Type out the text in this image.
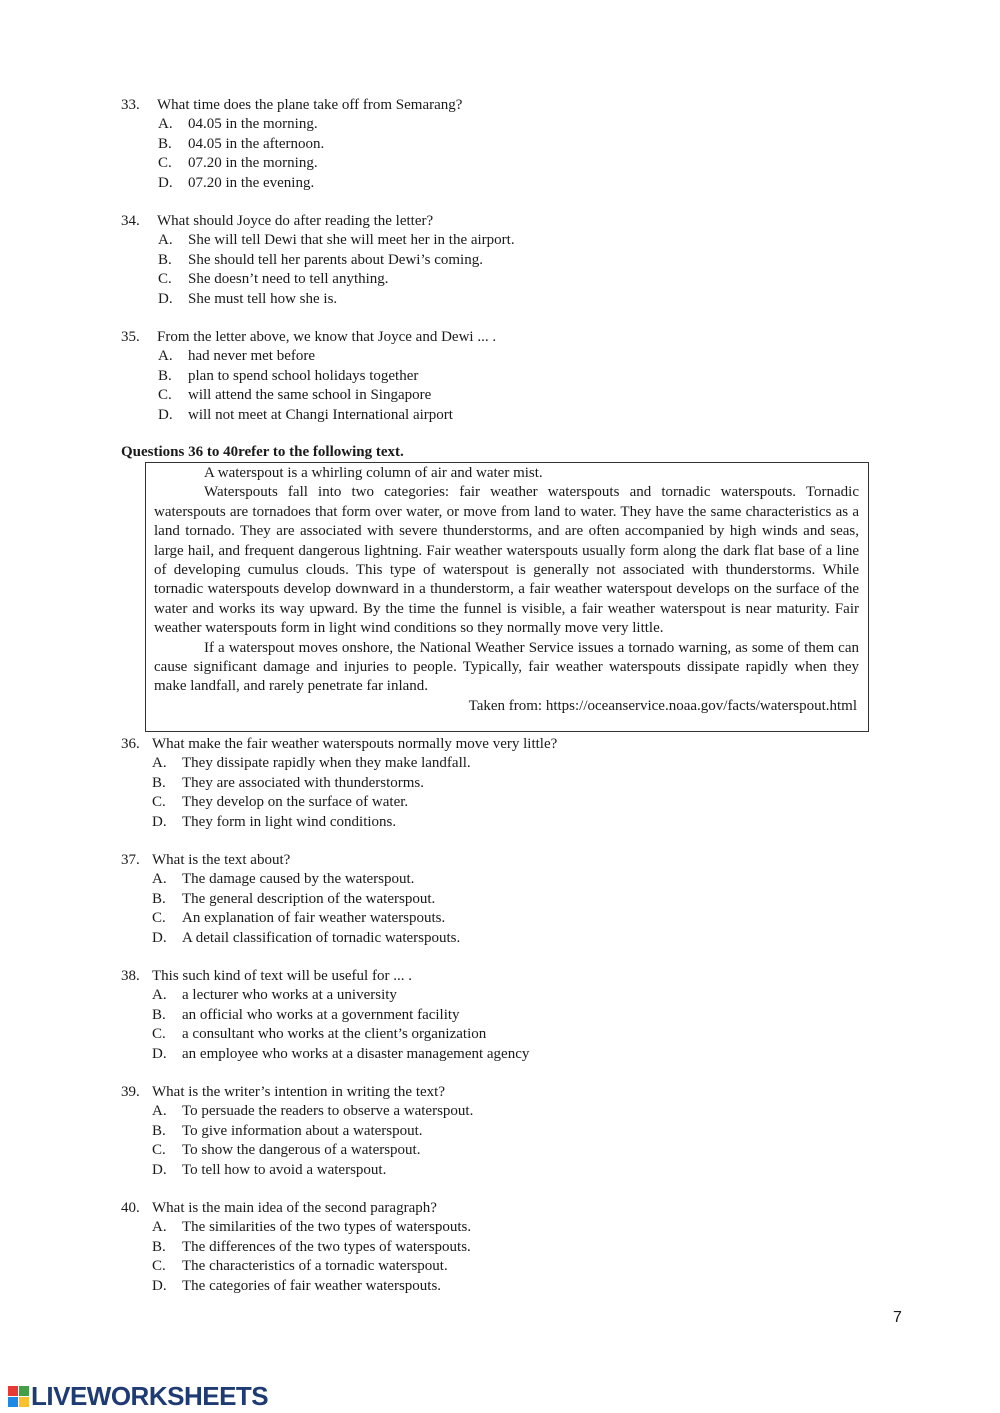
33. What time does the plane take off from Semarang?
A. 04.05 in the morning.
B. 04.05 in the afternoon.
C. 07.20 in the morning.
D. 07.20 in the evening.
34. What should Joyce do after reading the letter?
A. She will tell Dewi that she will meet her in the airport.
B. She should tell her parents about Dewi’s coming.
C. She doesn’t need to tell anything.
D. She must tell how she is.
35. From the letter above, we know that Joyce and Dewi ... .
A. had never met before
B. plan to spend school holidays together
C. will attend the same school in Singapore
D. will not meet at Changi International airport
Questions 36 to 40refer to the following text.

A waterspout is a whirling column of air and water mist.

Waterspouts fall into two categories: fair weather waterspouts and tornadic waterspouts. Tornadic waterspouts are tornadoes that form over water, or move from land to water. They have the same characteristics as a land tornado. They are associated with severe thunderstorms, and are often accompanied by high winds and seas, large hail, and frequent dangerous lightning. Fair weather waterspouts usually form along the dark flat base of a line of developing cumulus clouds. This type of waterspout is generally not associated with thunderstorms. While tornadic waterspouts develop downward in a thunderstorm, a fair weather waterspout develops on the surface of the water and works its way upward. By the time the funnel is visible, a fair weather waterspout is near maturity. Fair weather waterspouts form in light wind conditions so they normally move very little.

If a waterspout moves onshore, the National Weather Service issues a tornado warning, as some of them can cause significant damage and injuries to people. Typically, fair weather waterspouts dissipate rapidly when they make landfall, and rarely penetrate far inland.

Taken from: https://oceanservice.noaa.gov/facts/waterspout.html

36. What make the fair weather waterspouts normally move very little?
A. They dissipate rapidly when they make landfall.
B. They are associated with thunderstorms.
C. They develop on the surface of water.
D. They form in light wind conditions.
37. What is the text about?
A. The damage caused by the waterspout.
B. The general description of the waterspout.
C. An explanation of fair weather waterspouts.
D. A detail classification of tornadic waterspouts.
38. This such kind of text will be useful for ... .
A. a lecturer who works at a university
B. an official who works at a government facility
C. a consultant who works at the client’s organization
D. an employee who works at a disaster management agency
39. What is the writer’s intention in writing the text?
A. To persuade the readers to observe a waterspout.
B. To give information about a waterspout.
C. To show the dangerous of a waterspout.
D. To tell how to avoid a waterspout.
40. What is the main idea of the second paragraph?
A. The similarities of the two types of waterspouts.
B. The differences of the two types of waterspouts.
C. The characteristics of a tornadic waterspout.
D. The categories of fair weather waterspouts.
7
LIVEWORKSHEETS
